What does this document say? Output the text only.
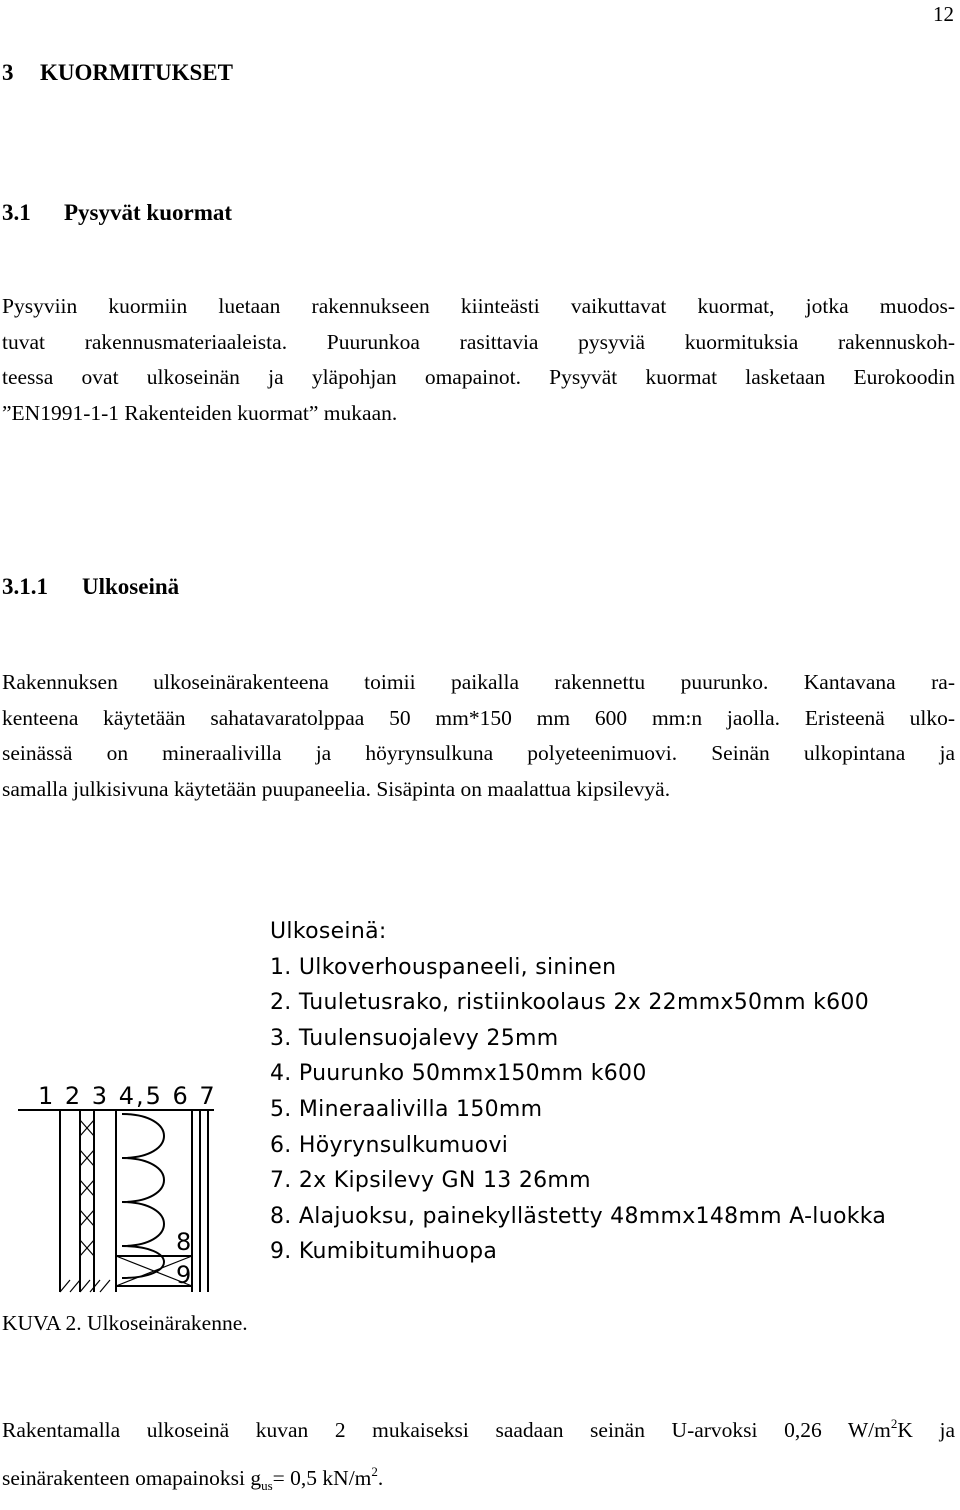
12
3 KUORMITUKSET
3.1 Pysyvät kuormat
Pysyviin kuormiin luetaan rakennukseen kiinteästi vaikuttavat kuormat, jotka muodos-
tuvat rakennusmateriaaleista. Puurunkoa rasittavia pysyviä kuormituksia rakennuskoh-
teessa ovat ulkoseinän ja yläpohjan omapainot. Pysyvät kuormat lasketaan Eurokoodin
”EN1991-1-1 Rakenteiden kuormat” mukaan.
3.1.1 Ulkoseinä
Rakennuksen ulkoseinärakenteena toimii paikalla rakennettu puurunko. Kantavana ra-
kenteena käytetään sahatavaratolppaa 50 mm*150 mm 600 mm:n jaolla. Eristeenä ulko-
seinässä on mineraalivilla ja höyrynsulkuna polyeteenimuovi. Seinän ulkopintana ja
samalla julkisivuna käytetään puupaneelia. Sisäpinta on maalattua kipsilevyä.
1 2 3 4,5 6 7
8
9
Ulkoseinä:
1. Ulkoverhouspaneeli, sininen
2. Tuuletusrako, ristiinkoolaus 2x 22mmx50mm k600
3. Tuulensuojalevy 25mm
4. Puurunko 50mmx150mm k600
5. Mineraalivilla 150mm
6. Höyrynsulkumuovi
7. 2x Kipsilevy GN 13 26mm
8. Alajuoksu, painekyllästetty 48mmx148mm A-luokka
9. Kumibitumihuopa
KUVA 2. Ulkoseinärakenne.
Rakentamalla ulkoseinä kuvan 2 mukaiseksi saadaan seinän U-arvoksi 0,26 $W/m^2K$ ja
seinärakenteen omapainoksi $g_{us}= 0,5$ $kN/m^2$.
